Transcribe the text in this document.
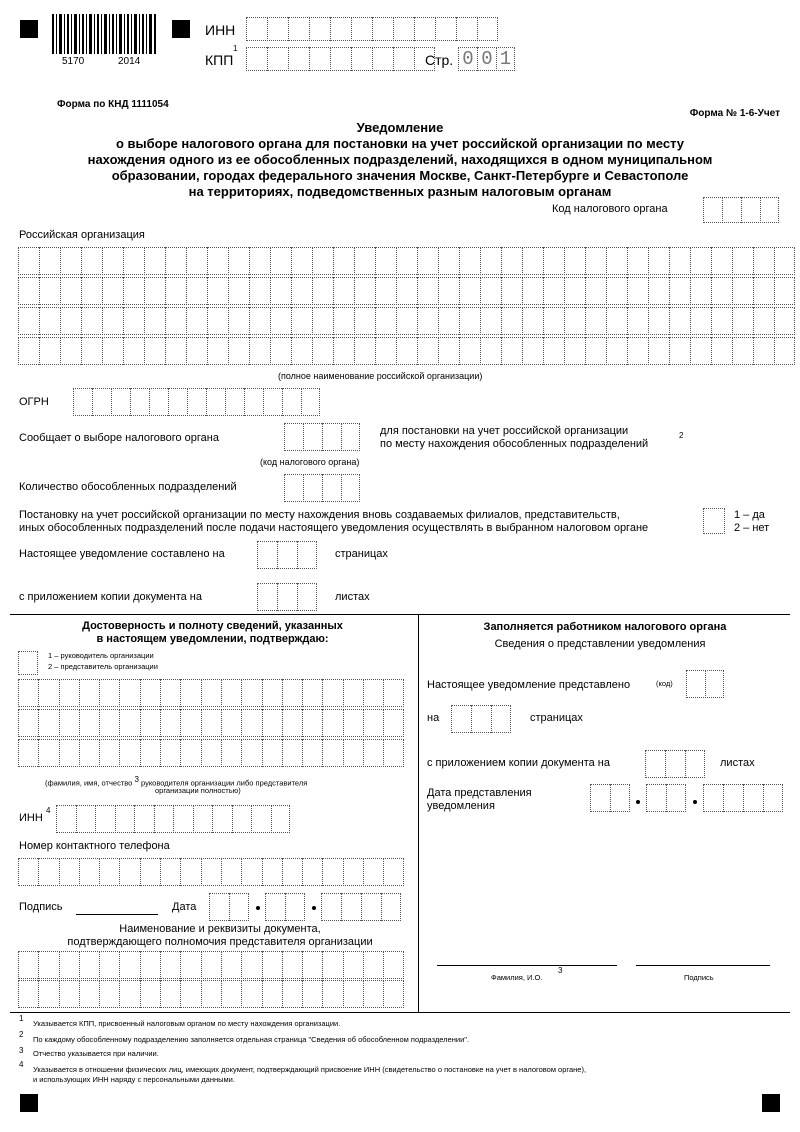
5170	2014
ИНН
КПП
1
Стр. 0 0 1
Форма по КНД 1111054
Форма № 1-6-Учет
Уведомление
о выборе налогового органа для постановки на учет российской организации по месту
нахождения одного из ее обособленных подразделений, находящихся в одном муниципальном
образовании, городах федерального значения Москве, Санкт-Петербурге и Севастополе
на территориях, подведомственных разным налоговым органам
Код налогового органа
Российская организация
(полное наименование российской организации)
ОГРН
Сообщает о выборе налогового органа
для постановки на учет российской организации
по месту нахождения обособленных подразделений
2
(код налогового органа)
Количество обособленных подразделений
Постановку на учет российской организации по месту нахождения вновь создаваемых филиалов, представительств,
иных обособленных подразделений после подачи настоящего уведомления осуществлять в выбранном налоговом органе
1 – да
2 – нет
Настоящее уведомление составлено на	страницах
с приложением копии документа на	листах
Достоверность и полноту сведений, указанных
в настоящем уведомлении, подтверждаю:
1 – руководитель организации
2 – представитель организации
(фамилия, имя, отчество $^3$ руководителя организации либо представителя
организации полностью)
ИНН
4
Номер контактного телефона
Подпись	Дата
Наименование и реквизиты документа,
подтверждающего полномочия представителя организации
Заполняется работником налогового органа
Сведения о представлении уведомления
Настоящее уведомление представлено	(код)
на	страницах
с приложением копии документа на	листах
Дата представления
уведомления
Фамилия, И.О.
3
Подпись
1
Указывается КПП, присвоенный налоговым органом по месту нахождения организации.
2
По каждому обособленному подразделению заполняется отдельная страница "Сведения об обособленном подразделении".
3 Отчество указывается при наличии.
4
Указывается в отношении физических лиц, имеющих документ, подтверждающий присвоение ИНН (свидетельство о постановке на учет в налоговом органе),
и использующих ИНН наряду с персональными данными.
